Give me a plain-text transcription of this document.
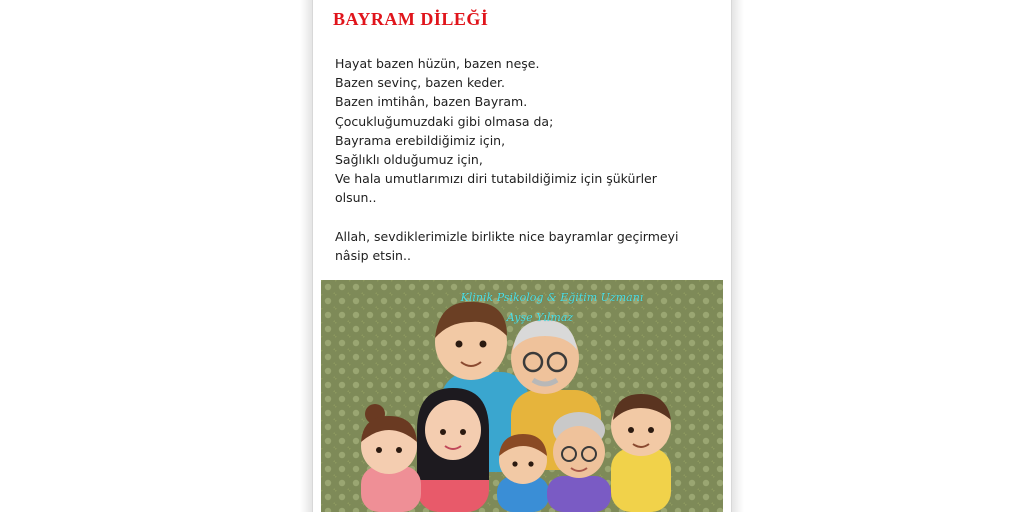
BAYRAM DİLEĞİ
Hayat bazen hüzün, bazen neşe.
Bazen sevinç, bazen keder.
Bazen imtihân, bazen Bayram.
Çocukluğumuzdaki gibi olmasa da;
Bayrama erebildiğimiz için,
Sağlıklı olduğumuz için,
Ve hala umutlarımızı diri tutabildiğimiz için şükürler
olsun..
Allah, sevdiklerimizle birlikte nice bayramlar geçirmeyi
nâsip etsin..
Klinik Psikolog & Eğitim Uzmanı
Ayşe Yılmaz
